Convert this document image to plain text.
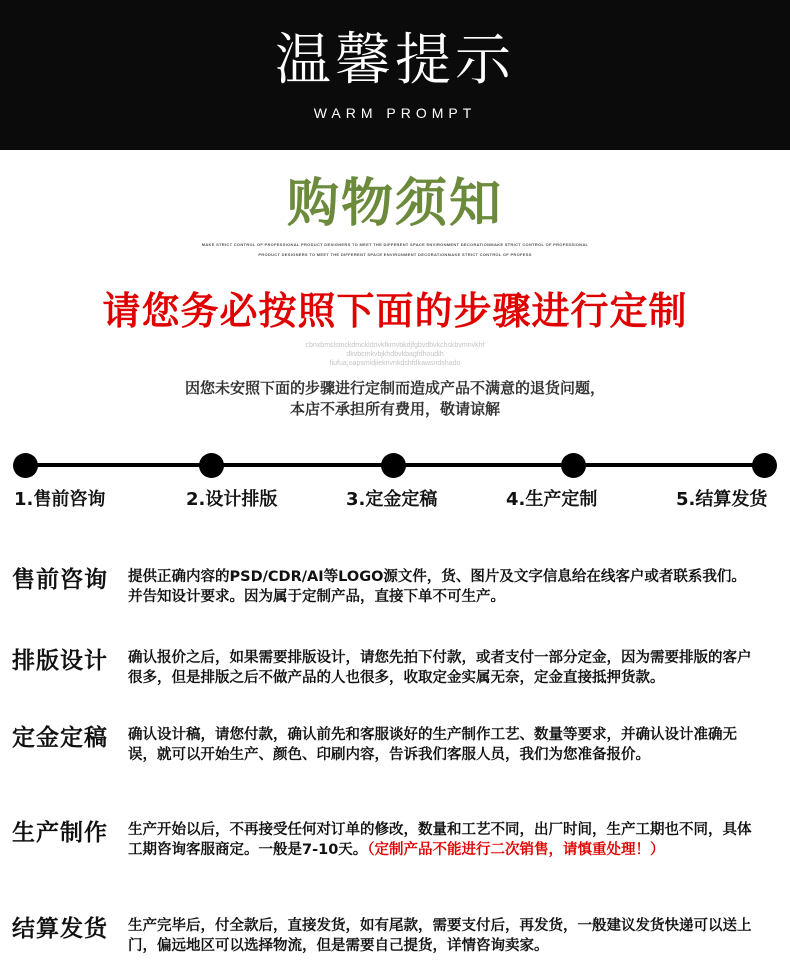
温馨提示
WARM PROMPT
购物须知
MAKE STRICT CONTROL OF PROFESSIONAL PRODUCT DESIGNERS TO MEET THE DIFFERENT SPACE ENVIRONMENT DECORATIONMAKE STRICT CONTROL OF PROFESSIONAL
PRODUCT DESIGNERS TO MEET THE DIFFERENT SPACE ENVIRONMENT DECORATIONMAKE STRICT CONTROL OF PROFESS
请您务必按照下面的步骤进行定制
cbnxbmslsmckdmckldnvkfkmvbkdjfgbvdbvkchskbvmnvkhf
dkvbcmkvbjkhdbvkbagfdhoudih
fiufua;oapsmidjieknvnkdshfdkawsndshado
因您未安照下面的步骤进行定制而造成产品不满意的退货问题，
本店不承担所有费用，敬请谅解
1.售前咨询	2.设计排版	3.定金定稿	4.生产定制	5.结算发货
售前咨询 提供正确内容的PSD/CDR/AI等LOGO源文件，货、图片及文字信息给在线客户或者联系我们。并告知设计要求。因为属于定制产品，直接下单不可生产。
排版设计 确认报价之后，如果需要排版设计，请您先拍下付款，或者支付一部分定金，因为需要排版的客户很多，但是排版之后不做产品的人也很多，收取定金实属无奈，定金直接抵押货款。
定金定稿 确认设计稿，请您付款，确认前先和客服谈好的生产制作工艺、数量等要求，并确认设计准确无误，就可以开始生产、颜色、印刷内容，告诉我们客服人员，我们为您准备报价。
生产制作 生产开始以后，不再接受任何对订单的修改，数量和工艺不同，出厂时间，生产工期也不同，具体工期咨询客服商定。一般是7-10天。（定制产品不能进行二次销售，请慎重处理！）
结算发货 生产完毕后，付全款后，直接发货，如有尾款，需要支付后，再发货，一般建议发货快递可以送上门，偏远地区可以选择物流，但是需要自己提货，详情咨询卖家。
